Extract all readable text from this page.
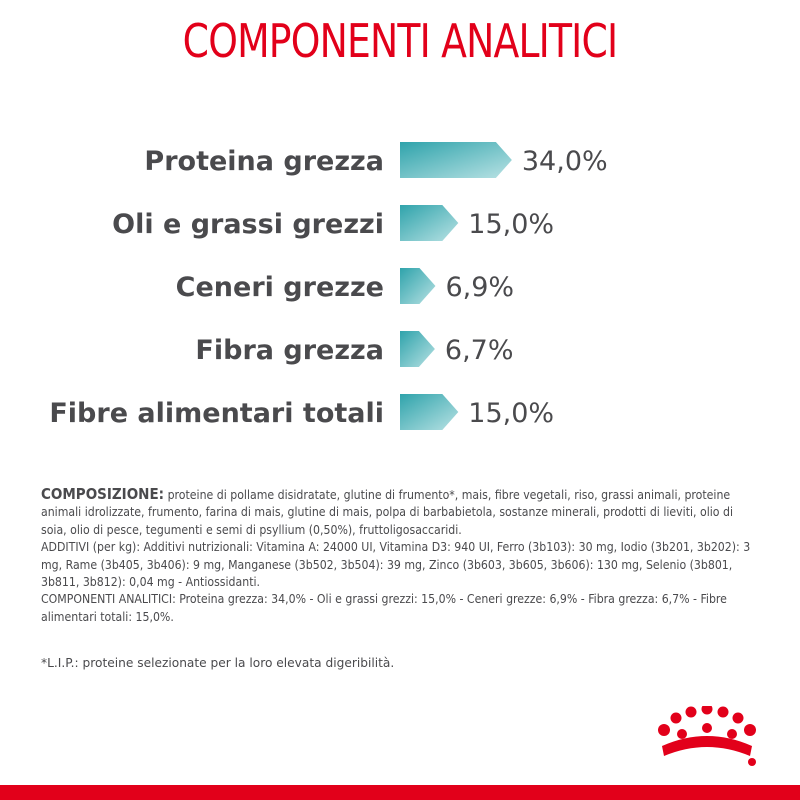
COMPONENTI ANALITICI
Proteina grezza	34,0%
Oli e grassi grezzi	15,0%
Ceneri grezze 6,9%
Fibra grezza 6,7%
Fibre alimentari totali	15,0%

COMPOSIZIONE: proteine di pollame disidratate, glutine di frumento*, mais, fibre vegetali, riso, grassi animali, proteine animali idrolizzate, frumento, farina di mais, glutine di mais, polpa di barbabietola, sostanze minerali, prodotti di lieviti, olio di soia, olio di pesce, tegumenti e semi di psyllium (0,50%), fruttoligosaccaridi.

ADDITIVI (per kg): Additivi nutrizionali: Vitamina A: 24000 UI, Vitamina D3: 940 UI, Ferro (3b103): 30 mg, Iodio (3b201, 3b202): 3 mg, Rame (3b405, 3b406): 9 mg, Manganese (3b502, 3b504): 39 mg, Zinco (3b603, 3b605, 3b606): 130 mg, Selenio (3b801, 3b811, 3b812): 0,04 mg - Antiossidanti.

COMPONENTI ANALITICI: Proteina grezza: 34,0% - Oli e grassi grezzi: 15,0% - Ceneri grezze: 6,9% - Fibra grezza: 6,7% - Fibre alimentari totali: 15,0%.

*L.I.P.: proteine selezionate per la loro elevata digeribilità.
